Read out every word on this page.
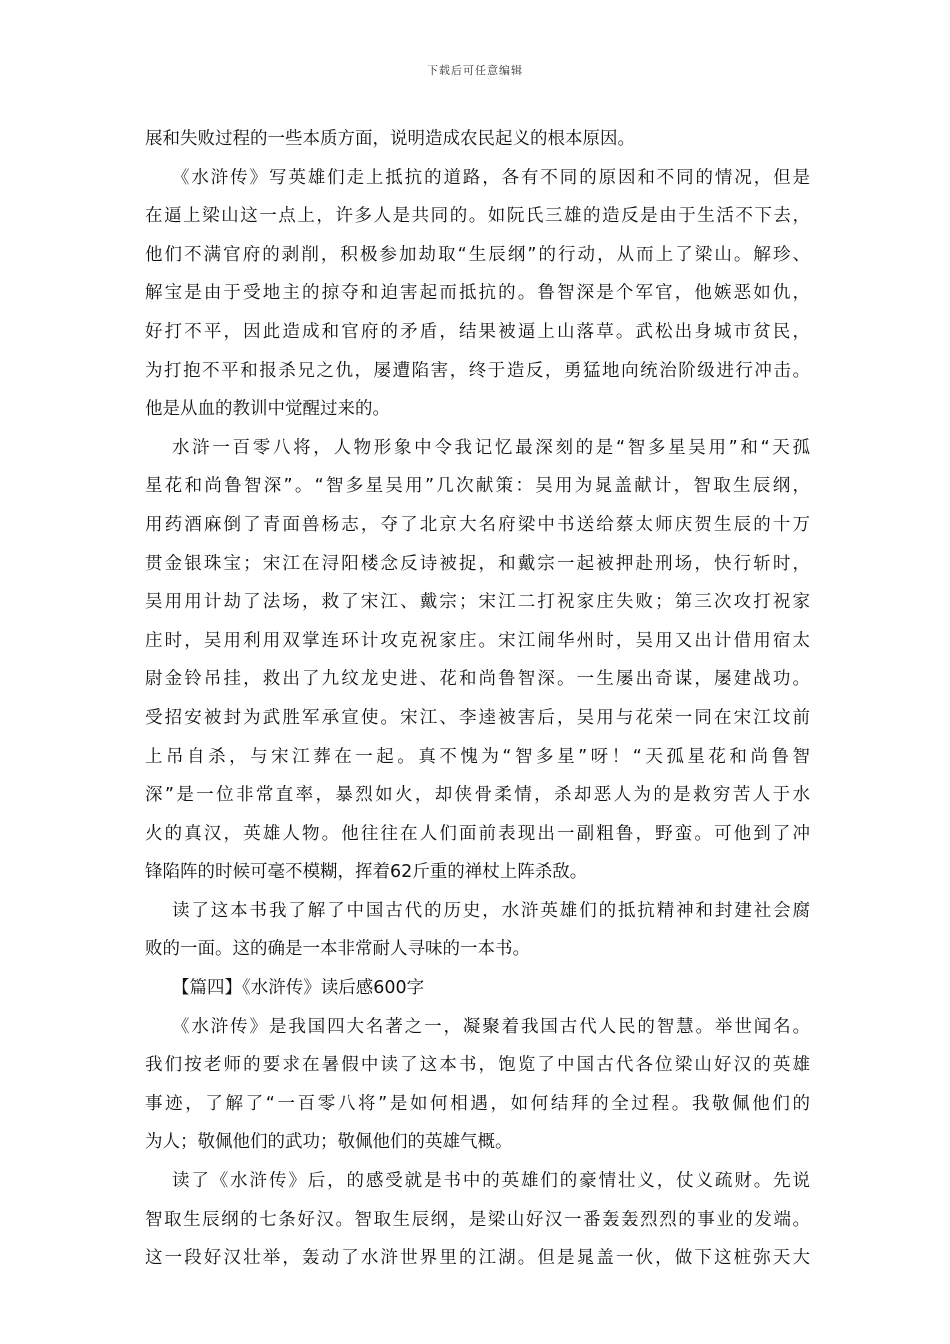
下载后可任意编辑
展和失败过程的一些本质方面，说明造成农民起义的根本原因。
《水浒传》写英雄们走上抵抗的道路，各有不同的原因和不同的情况，但是
在逼上梁山这一点上，许多人是共同的。如阮氏三雄的造反是由于生活不下去，
他们不满官府的剥削，积极参加劫取“生辰纲”的行动，从而上了梁山。解珍、
解宝是由于受地主的掠夺和迫害起而抵抗的。鲁智深是个军官，他嫉恶如仇，
好打不平，因此造成和官府的矛盾，结果被逼上山落草。武松出身城市贫民，
为打抱不平和报杀兄之仇，屡遭陷害，终于造反，勇猛地向统治阶级进行冲击。
他是从血的教训中觉醒过来的。
水浒一百零八将，人物形象中令我记忆最深刻的是“智多星吴用”和“天孤
星花和尚鲁智深”。“智多星吴用”几次献策：吴用为晁盖献计，智取生辰纲，
用药酒麻倒了青面兽杨志，夺了北京大名府梁中书送给蔡太师庆贺生辰的十万
贯金银珠宝；宋江在浔阳楼念反诗被捉，和戴宗一起被押赴刑场，快行斩时，
吴用用计劫了法场，救了宋江、戴宗；宋江二打祝家庄失败；第三次攻打祝家
庄时，吴用利用双掌连环计攻克祝家庄。宋江闹华州时，吴用又出计借用宿太
尉金铃吊挂，救出了九纹龙史进、花和尚鲁智深。一生屡出奇谋，屡建战功。
受招安被封为武胜军承宣使。宋江、李逵被害后，吴用与花荣一同在宋江坟前
上吊自杀，与宋江葬在一起。真不愧为“智多星”呀！“天孤星花和尚鲁智
深”是一位非常直率，暴烈如火，却侠骨柔情，杀却恶人为的是救穷苦人于水
火的真汉，英雄人物。他往往在人们面前表现出一副粗鲁，野蛮。可他到了冲
锋陷阵的时候可毫不模糊，挥着62斤重的禅杖上阵杀敌。
读了这本书我了解了中国古代的历史，水浒英雄们的抵抗精神和封建社会腐
败的一面。这的确是一本非常耐人寻味的一本书。
【篇四】《水浒传》读后感600字
《水浒传》是我国四大名著之一，凝聚着我国古代人民的智慧。举世闻名。
我们按老师的要求在暑假中读了这本书，饱览了中国古代各位梁山好汉的英雄
事迹，了解了“一百零八将”是如何相遇，如何结拜的全过程。我敬佩他们的
为人；敬佩他们的武功；敬佩他们的英雄气概。
读了《水浒传》后，的感受就是书中的英雄们的豪情壮义，仗义疏财。先说
智取生辰纲的七条好汉。智取生辰纲，是梁山好汉一番轰轰烈烈的事业的发端。
这一段好汉壮举，轰动了水浒世界里的江湖。但是晁盖一伙，做下这桩弥天大
